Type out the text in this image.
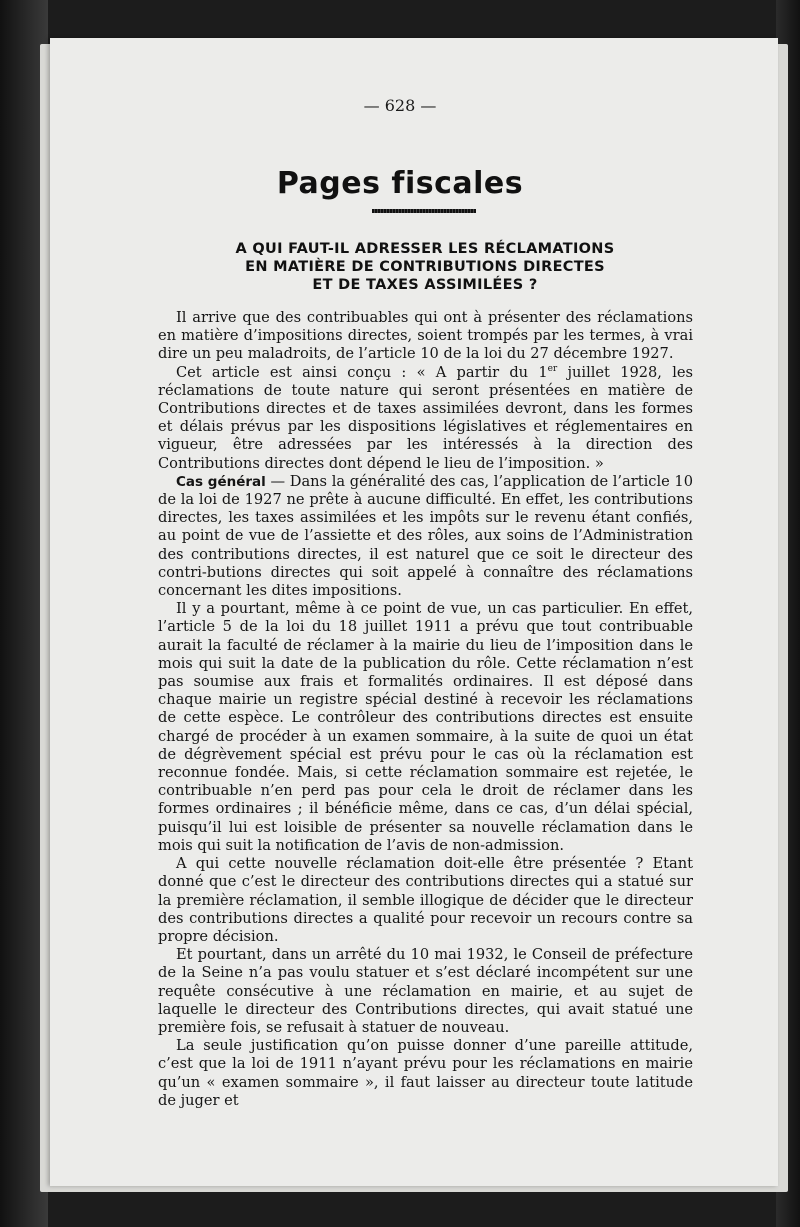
— 628 —
Pages fiscales
A QUI FAUT-IL ADRESSER LES RÉCLAMATIONS
EN MATIÈRE DE CONTRIBUTIONS DIRECTES
ET DE TAXES ASSIMILÉES ?

Il arrive que des contribuables qui ont à présenter des réclamations en matière d’impositions directes, soient trompés par les termes, à vrai dire un peu maladroits, de l’article 10 de la loi du 27 décembre 1927.

Cet article est ainsi conçu : « A partir du 1er juillet 1928, les réclamations de toute nature qui seront présentées en matière de Contributions directes et de taxes assimilées devront, dans les formes et délais prévus par les dispositions législatives et réglementaires en vigueur, être adressées par les intéressés à la direction des Contributions directes dont dépend le lieu de l’imposition. »

Cas général — Dans la généralité des cas, l’application de l’article 10 de la loi de 1927 ne prête à aucune difficulté. En effet, les contributions directes, les taxes assimilées et les impôts sur le revenu étant confiés, au point de vue de l’assiette et des rôles, aux soins de l’Administration des contributions directes, il est naturel que ce soit le directeur des contri-butions directes qui soit appelé à connaître des réclamations concernant les dites impositions.

Il y a pourtant, même à ce point de vue, un cas particulier. En effet, l’article 5 de la loi du 18 juillet 1911 a prévu que tout contribuable aurait la faculté de réclamer à la mairie du lieu de l’imposition dans le mois qui suit la date de la publication du rôle. Cette réclamation n’est pas soumise aux frais et formalités ordinaires. Il est déposé dans chaque mairie un registre spécial destiné à recevoir les réclamations de cette espèce. Le contrôleur des contributions directes est ensuite chargé de procéder à un examen sommaire, à la suite de quoi un état de dégrèvement spécial est prévu pour le cas où la réclamation est reconnue fondée. Mais, si cette réclamation sommaire est rejetée, le contribuable n’en perd pas pour cela le droit de réclamer dans les formes ordinaires ; il bénéficie même, dans ce cas, d’un délai spécial, puisqu’il lui est loisible de présenter sa nouvelle réclamation dans le mois qui suit la notification de l’avis de non-admission.

A qui cette nouvelle réclamation doit-elle être présentée ? Etant donné que c’est le directeur des contributions directes qui a statué sur la première réclamation, il semble illogique de décider que le directeur des contributions directes a qualité pour recevoir un recours contre sa propre décision.

Et pourtant, dans un arrêté du 10 mai 1932, le Conseil de préfecture de la Seine n’a pas voulu statuer et s’est déclaré incompétent sur une requête consécutive à une réclamation en mairie, et au sujet de laquelle le directeur des Contributions directes, qui avait statué une première fois, se refusait à statuer de nouveau.

La seule justification qu’on puisse donner d’une pareille attitude, c’est que la loi de 1911 n’ayant prévu pour les réclamations en mairie qu’un « examen sommaire », il faut laisser au directeur toute latitude de juger et
